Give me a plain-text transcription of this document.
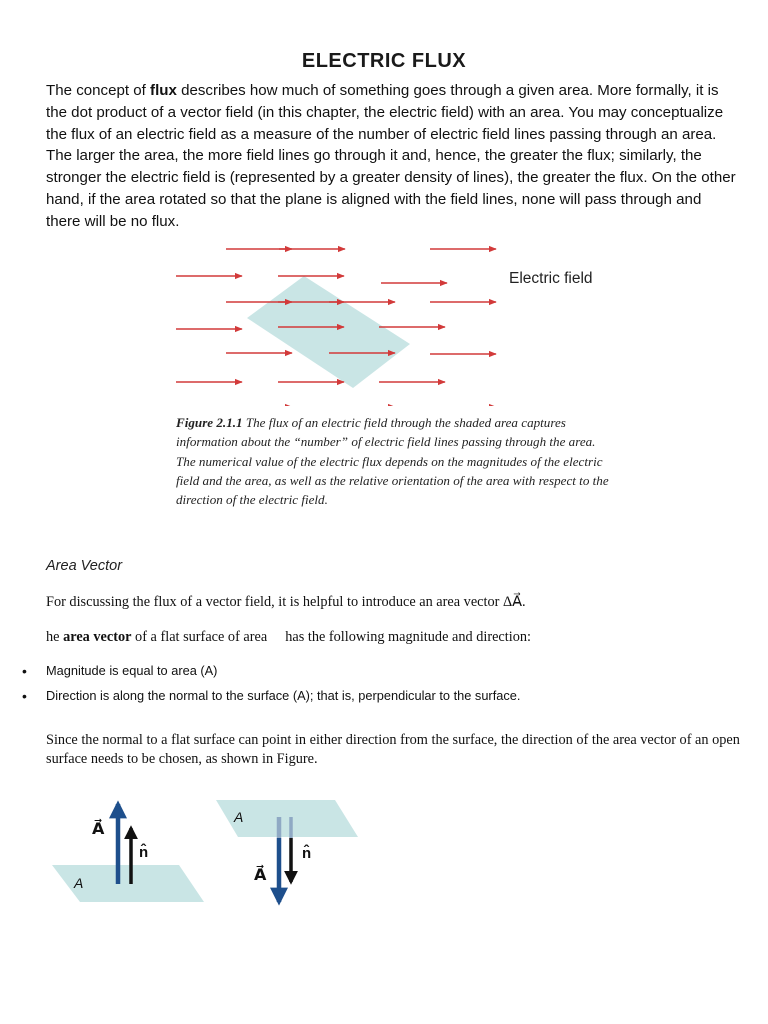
ELECTRIC FLUX
The concept of flux describes how much of something goes through a given area. More formally, it is the dot product of a vector field (in this chapter, the electric field) with an area. You may conceptualize the flux of an electric field as a measure of the number of electric field lines passing through an area. The larger the area, the more field lines go through it and, hence, the greater the flux; similarly, the stronger the electric field is (represented by a greater density of lines), the greater the flux. On the other hand, if the area rotated so that the plane is aligned with the field lines, none will pass through and there will be no flux.
Electric field
Figure 2.1.1 The flux of an electric field through the shaded area captures information about the “number” of electric field lines passing through the area. The numerical value of the electric flux depends on the magnitudes of the electric field and the area, as well as the relative orientation of the area with respect to the direction of the electric field.
Area Vector
For discussing the flux of a vector field, it is helpful to introduce an area vector ΔA⃗.
he area vector of a flat surface of area has the following magnitude and direction:
• Magnitude is equal to area (A)
• Direction is along the normal to the surface (A); that is, perpendicular to the surface.
Since the normal to a flat surface can point in either direction from the surface, the direction of the area vector of an open surface needs to be chosen, as shown in Figure.
A⃗
n̂
A
A
n̂
A⃗
